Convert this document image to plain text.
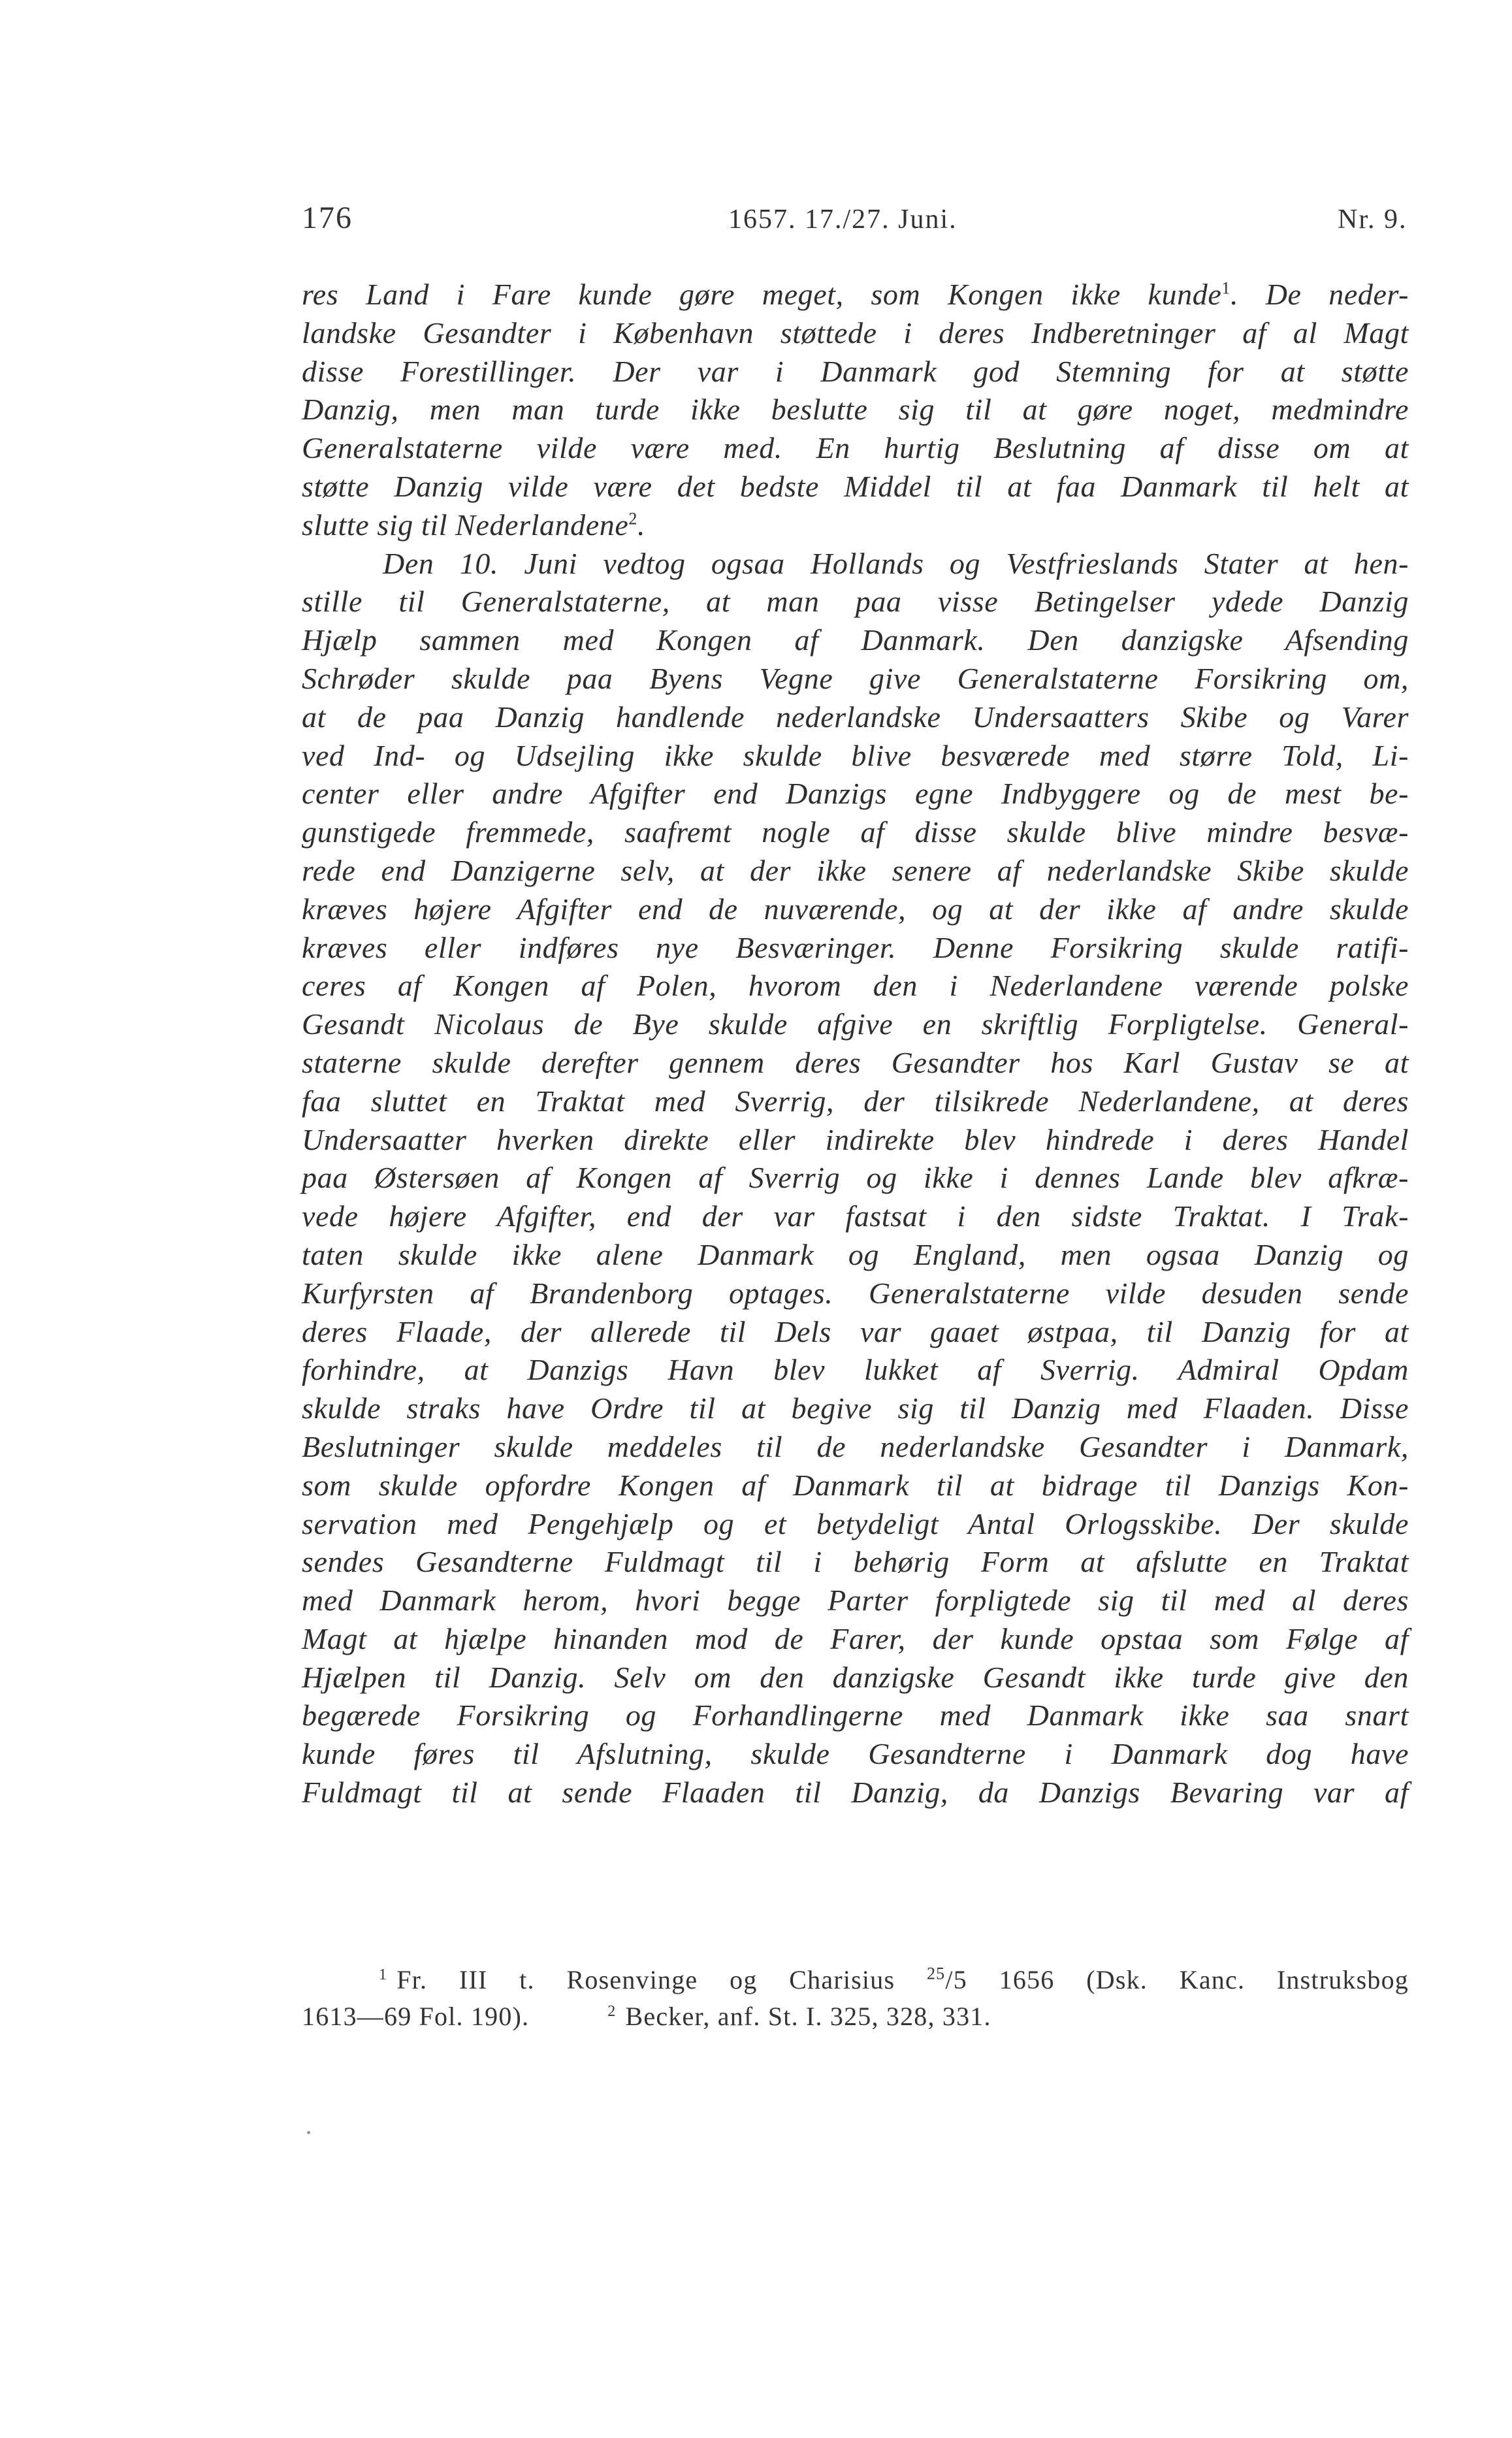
176	1657. 17./27. Juni.	Nr. 9.
res Land i Fare kunde gøre meget, som Kongen ikke kunde$^1$. De neder-
landske Gesandter i København støttede i deres Indberetninger af al Magt
disse Forestillinger. Der var i Danmark god Stemning for at støtte
Danzig, men man turde ikke beslutte sig til at gøre noget, medmindre
Generalstaterne vilde være med. En hurtig Beslutning af disse om at
støtte Danzig vilde være det bedste Middel til at faa Danmark til helt at
slutte sig til Nederlandene$^2$.
Den 10. Juni vedtog ogsaa Hollands og Vestfrieslands Stater at hen-
stille til Generalstaterne, at man paa visse Betingelser ydede Danzig
Hjælp sammen med Kongen af Danmark. Den danzigske Afsending
Schrøder skulde paa Byens Vegne give Generalstaterne Forsikring om,
at de paa Danzig handlende nederlandske Undersaatters Skibe og Varer
ved Ind- og Udsejling ikke skulde blive besværede med større Told, Li-
center eller andre Afgifter end Danzigs egne Indbyggere og de mest be-
gunstigede fremmede, saafremt nogle af disse skulde blive mindre besvæ-
rede end Danzigerne selv, at der ikke senere af nederlandske Skibe skulde
kræves højere Afgifter end de nuværende, og at der ikke af andre skulde
kræves eller indføres nye Besværinger. Denne Forsikring skulde ratifi-
ceres af Kongen af Polen, hvorom den i Nederlandene værende polske
Gesandt Nicolaus de Bye skulde afgive en skriftlig Forpligtelse. General-
staterne skulde derefter gennem deres Gesandter hos Karl Gustav se at
faa sluttet en Traktat med Sverrig, der tilsikrede Nederlandene, at deres
Undersaatter hverken direkte eller indirekte blev hindrede i deres Handel
paa Østersøen af Kongen af Sverrig og ikke i dennes Lande blev afkræ-
vede højere Afgifter, end der var fastsat i den sidste Traktat. I Trak-
taten skulde ikke alene Danmark og England, men ogsaa Danzig og
Kurfyrsten af Brandenborg optages. Generalstaterne vilde desuden sende
deres Flaade, der allerede til Dels var gaaet østpaa, til Danzig for at
forhindre, at Danzigs Havn blev lukket af Sverrig. Admiral Opdam
skulde straks have Ordre til at begive sig til Danzig med Flaaden. Disse
Beslutninger skulde meddeles til de nederlandske Gesandter i Danmark,
som skulde opfordre Kongen af Danmark til at bidrage til Danzigs Kon-
servation med Pengehjælp og et betydeligt Antal Orlogsskibe. Der skulde
sendes Gesandterne Fuldmagt til i behørig Form at afslutte en Traktat
med Danmark herom, hvori begge Parter forpligtede sig til med al deres
Magt at hjælpe hinanden mod de Farer, der kunde opstaa som Følge af
Hjælpen til Danzig. Selv om den danzigske Gesandt ikke turde give den
begærede Forsikring og Forhandlingerne med Danmark ikke saa snart
kunde føres til Afslutning, skulde Gesandterne i Danmark dog have
Fuldmagt til at sende Flaaden til Danzig, da Danzigs Bevaring var af
$^1$ Fr. III t. Rosenvinge og Charisius $^{25}$/5 1656 (Dsk. Kanc. Instruksbog
1613—69 Fol. 190).	$^2$ Becker, anf. St. I. 325, 328, 331.
